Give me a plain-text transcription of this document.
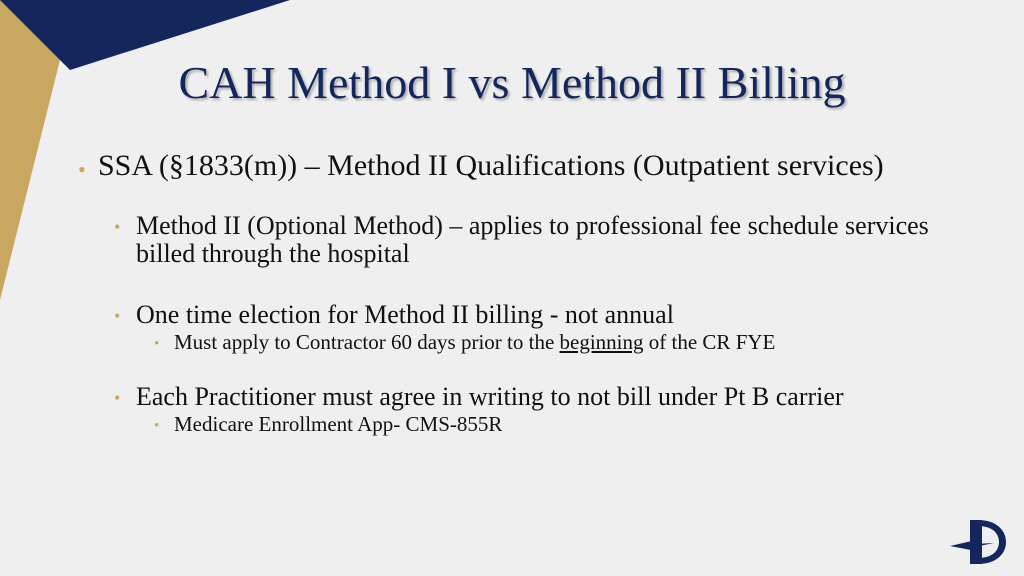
CAH Method I vs Method II Billing
• SSA (§1833(m)) – Method II Qualifications (Outpatient services)
• Method II (Optional Method) – applies to professional fee schedule services billed through the hospital
• One time election for Method II billing - not annual
• Must apply to Contractor 60 days prior to the beginning of the CR FYE
• Each Practitioner must agree in writing to not bill under Pt B carrier
• Medicare Enrollment App- CMS-855R
